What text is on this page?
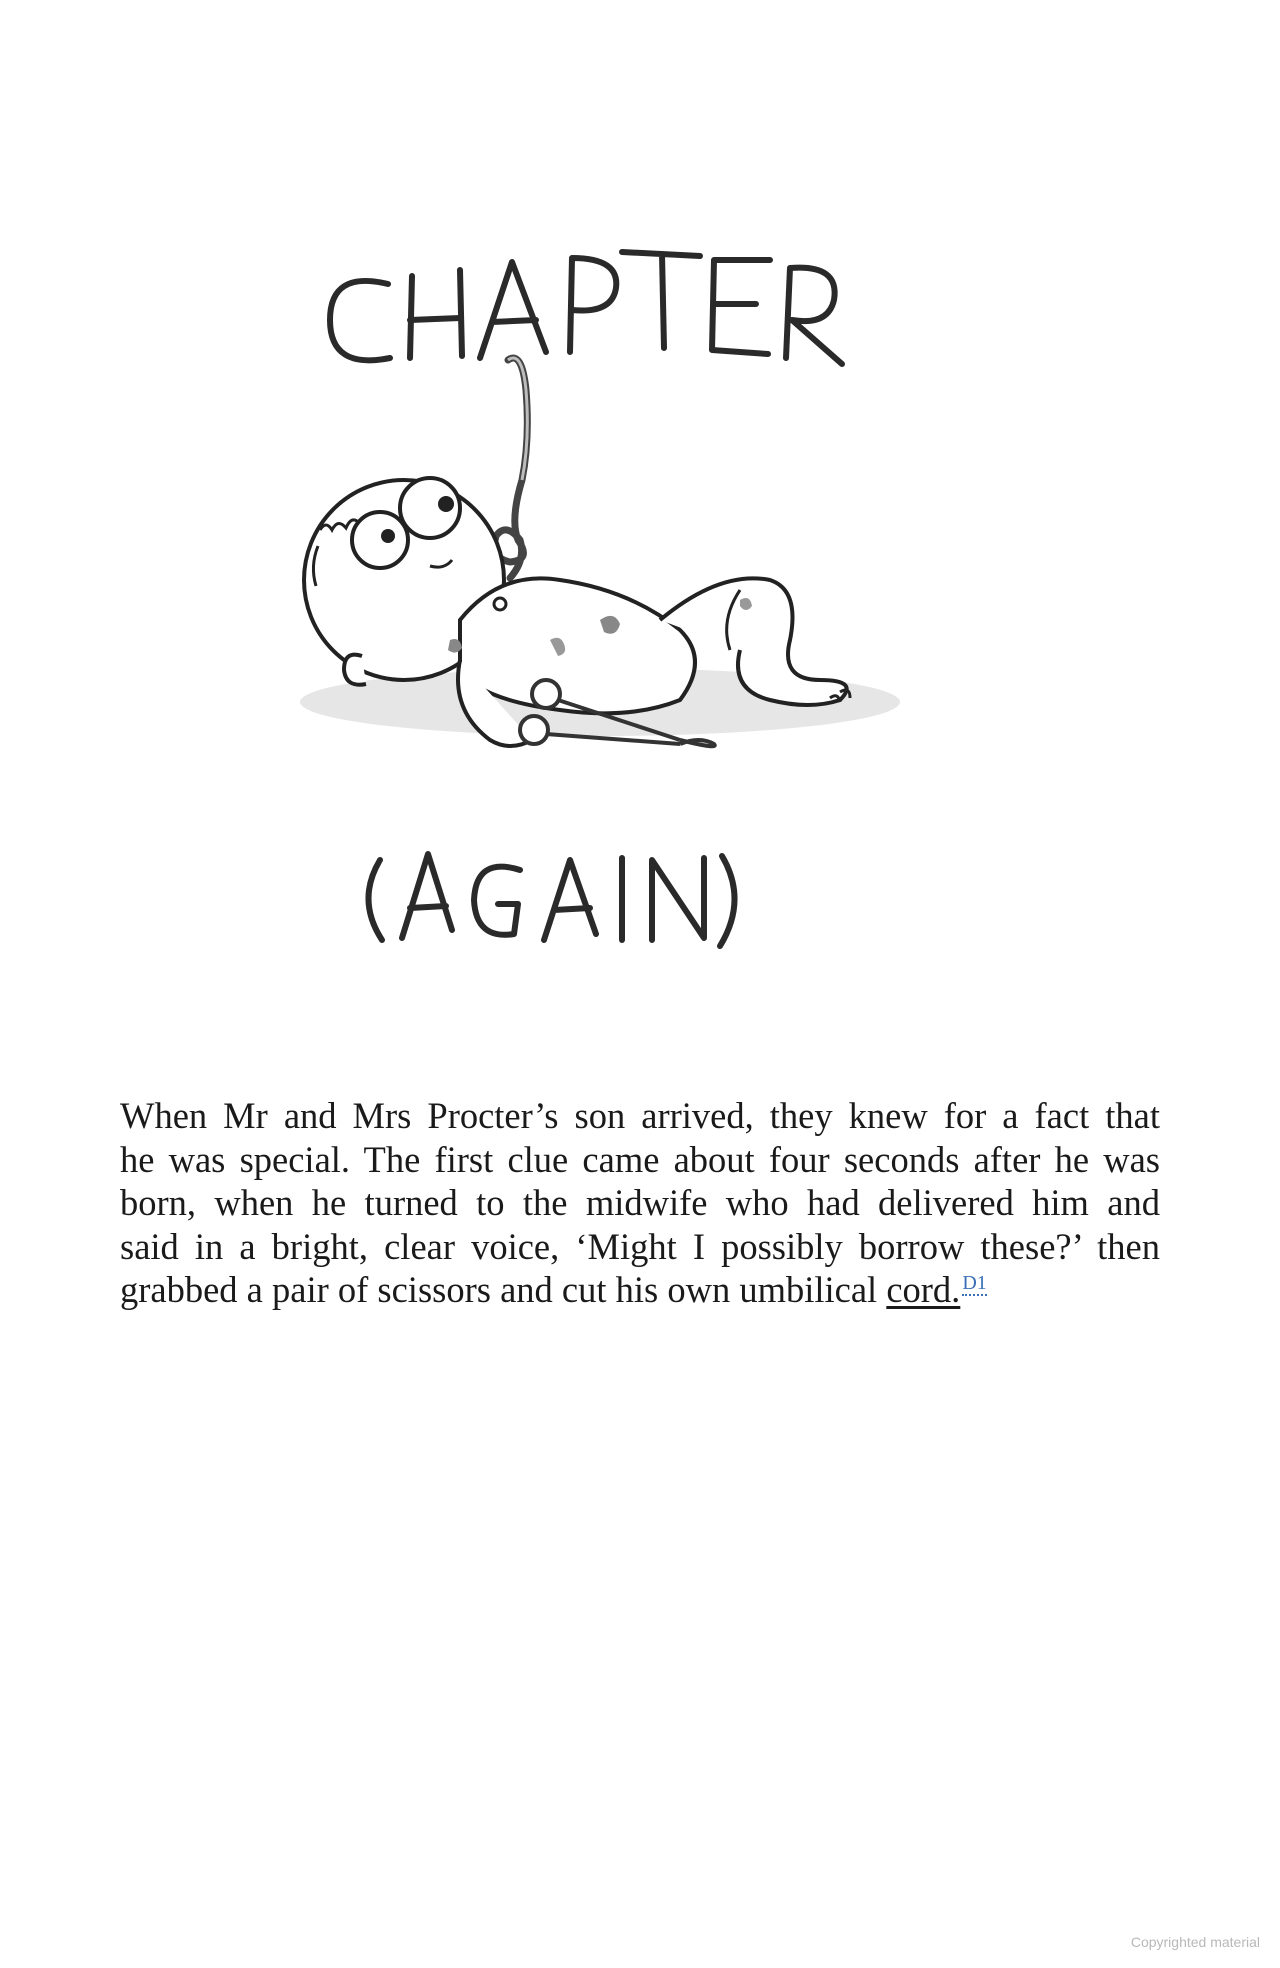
When Mr and Mrs Procter’s son arrived, they knew for a fact that
he was special. The first clue came about four seconds after he was
born, when he turned to the midwife who had delivered him and
said in a bright, clear voice, ‘Might I possibly borrow these?’ then
grabbed a pair of scissors and cut his own umbilical cord. $^{D1}$

Copyrighted material
